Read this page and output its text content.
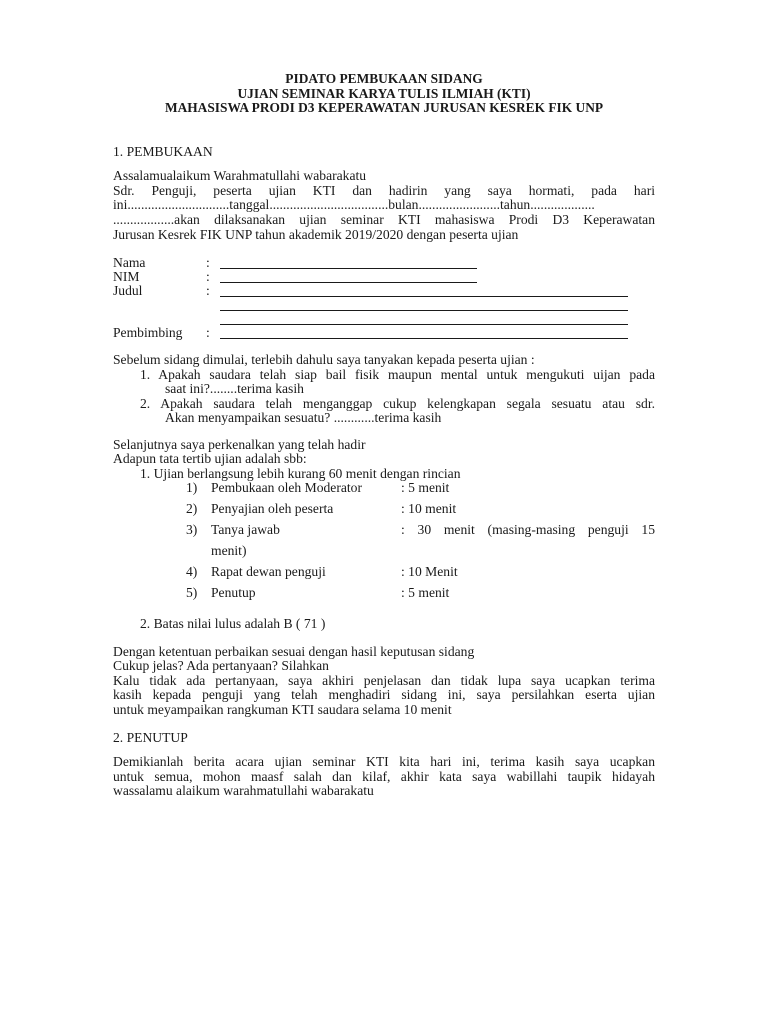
PIDATO PEMBUKAAN SIDANG
UJIAN SEMINAR KARYA TULIS ILMIAH (KTI)
MAHASISWA PRODI D3 KEPERAWATAN JURUSAN KESREK FIK UNP
1. PEMBUKAAN
Assalamualaikum Warahmatullahi wabarakatu
Sdr. Penguji, peserta ujian KTI dan hadirin yang saya hormati, pada hari
ini..............................tanggal...................................bulan........................tahun...................
..................akan dilaksanakan ujian seminar KTI mahasiswa Prodi D3 Keperawatan
Jurusan Kesrek FIK UNP tahun akademik 2019/2020 dengan peserta ujian
Nama	:
NIM	:
Judul	:
Pembimbing :
Sebelum sidang dimulai, terlebih dahulu saya tanyakan kepada peserta ujian :
1. Apakah saudara telah siap bail fisik maupun mental untuk mengukuti uijan pada
saat ini?........terima kasih
2. Apakah saudara telah menganggap cukup kelengkapan segala sesuatu atau sdr.
Akan menyampaikan sesuatu? ............terima kasih
Selanjutnya saya perkenalkan yang telah hadir
Adapun tata tertib ujian adalah sbb:
1. Ujian berlangsung lebih kurang 60 menit dengan rincian
1) Pembukaan oleh Moderator	: 5 menit
2) Penyajian oleh peserta	: 10 menit
3) Tanya jawab	: 30 menit (masing-masing penguji 15
menit)
4) Rapat dewan penguji	: 10 Menit
5) Penutup	: 5 menit
2. Batas nilai lulus adalah B ( 71 )
Dengan ketentuan perbaikan sesuai dengan hasil keputusan sidang
Cukup jelas? Ada pertanyaan? Silahkan
Kalu tidak ada pertanyaan, saya akhiri penjelasan dan tidak lupa saya ucapkan terima
kasih kepada penguji yang telah menghadiri sidang ini, saya persilahkan eserta ujian
untuk meyampaikan rangkuman KTI saudara selama 10 menit
2. PENUTUP
Demikianlah berita acara ujian seminar KTI kita hari ini, terima kasih saya ucapkan
untuk semua, mohon maasf salah dan kilaf, akhir kata saya wabillahi taupik hidayah
wassalamu alaikum warahmatullahi wabarakatu
